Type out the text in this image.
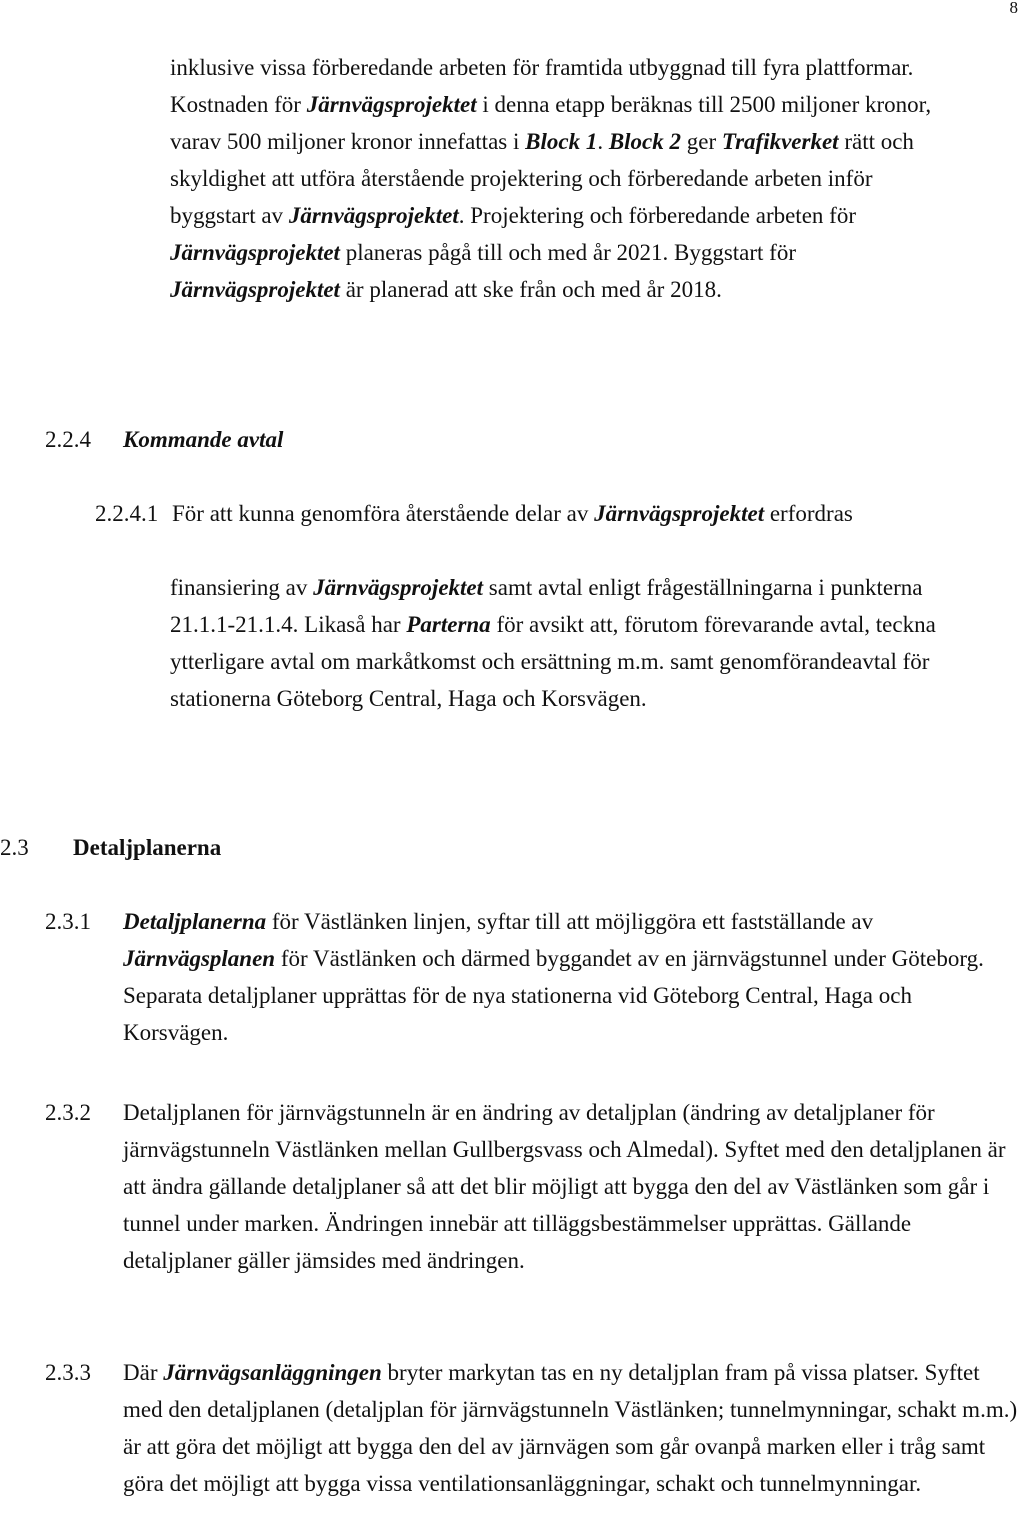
8

inklusive vissa förberedande arbeten för framtida utbyggnad till fyra plattformar. Kostnaden för Järnvägsprojektet i denna etapp beräknas till 2500 miljoner kronor, varav 500 miljoner kronor innefattas i Block 1. Block 2 ger Trafikverket rätt och skyldighet att utföra återstående projektering och förberedande arbeten inför byggstart av Järnvägsprojektet. Projektering och förberedande arbeten för Järnvägsprojektet planeras pågå till och med år 2021. Byggstart för Järnvägsprojektet är planerad att ske från och med år 2018.

2.2.4 Kommande avtal
2.2.4.1 För att kunna genomföra återstående delar av Järnvägsprojektet erfordras

finansiering av Järnvägsprojektet samt avtal enligt frågeställningarna i punkterna 21.1.1-21.1.4. Likaså har Parterna för avsikt att, förutom förevarande avtal, teckna ytterligare avtal om markåtkomst och ersättning m.m. samt genomförandeavtal för stationerna Göteborg Central, Haga och Korsvägen.

2.3 Detaljplanerna
2.3.1 Detaljplanerna för Västlänken linjen, syftar till att möjliggöra ett fastställande av Järnvägsplanen för Västlänken och därmed byggandet av en järnvägstunnel under Göteborg. Separata detaljplaner upprättas för de nya stationerna vid Göteborg Central, Haga och Korsvägen.

2.3.2 Detaljplanen för järnvägstunneln är en ändring av detaljplan (ändring av detaljplaner för järnvägstunneln Västlänken mellan Gullbergsvass och Almedal). Syftet med den detaljplanen är att ändra gällande detaljplaner så att det blir möjligt att bygga den del av Västlänken som går i tunnel under marken. Ändringen innebär att tilläggsbestämmelser upprättas. Gällande detaljplaner gäller jämsides med ändringen.

2.3.3 Där Järnvägsanläggningen bryter markytan tas en ny detaljplan fram på vissa platser. Syftet med den detaljplanen (detaljplan för järnvägstunneln Västlänken; tunnelmynningar, schakt m.m.) är att göra det möjligt att bygga den del av järnvägen som går ovanpå marken eller i tråg samt göra det möjligt att bygga vissa ventilationsanläggningar, schakt och tunnelmynningar.
